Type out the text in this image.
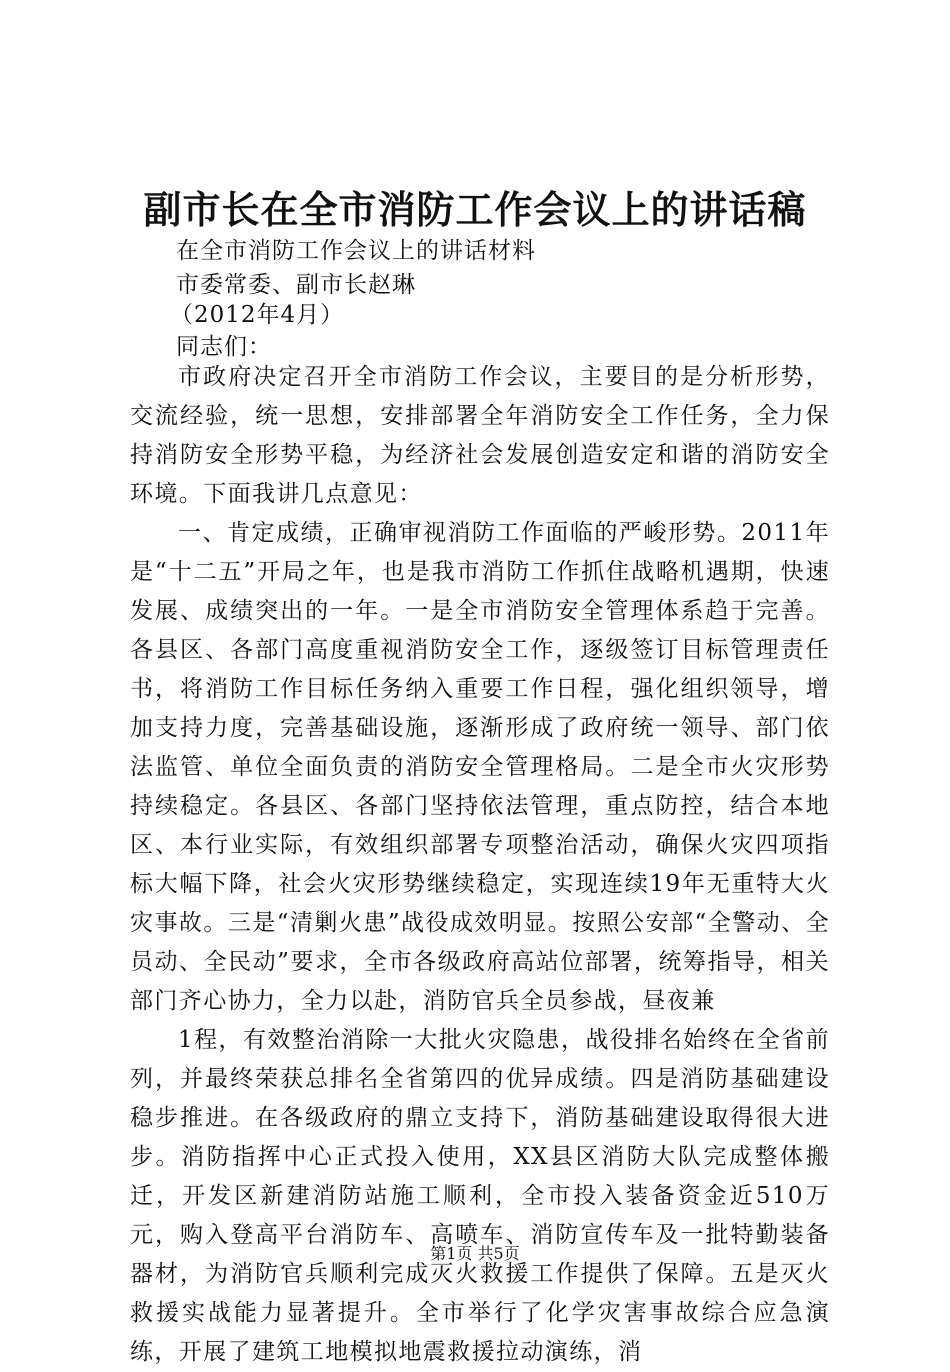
副市长在全市消防工作会议上的讲话稿
在全市消防工作会议上的讲话材料
市委常委、副市长赵琳
（2012年4月）
同志们：

市政府决定召开全市消防工作会议，主要目的是分析形势，交流经验，统一思想，安排部署全年消防安全工作任务，全力保持消防安全形势平稳，为经济社会发展创造安定和谐的消防安全环境。下面我讲几点意见：

一、肯定成绩，正确审视消防工作面临的严峻形势。2011年是“十二五”开局之年，也是我市消防工作抓住战略机遇期，快速发展、成绩突出的一年。一是全市消防安全管理体系趋于完善。各县区、各部门高度重视消防安全工作，逐级签订目标管理责任书，将消防工作目标任务纳入重要工作日程，强化组织领导，增加支持力度，完善基础设施，逐渐形成了政府统一领导、部门依法监管、单位全面负责的消防安全管理格局。二是全市火灾形势持续稳定。各县区、各部门坚持依法管理，重点防控，结合本地区、本行业实际，有效组织部署专项整治活动，确保火灾四项指标大幅下降，社会火灾形势继续稳定，实现连续19年无重特大火灾事故。三是“清剿火患”战役成效明显。按照公安部“全警动、全员动、全民动”要求，全市各级政府高站位部署，统筹指导，相关部门齐心协力，全力以赴，消防官兵全员参战，昼夜兼

1程，有效整治消除一大批火灾隐患，战役排名始终在全省前列，并最终荣获总排名全省第四的优异成绩。四是消防基础建设稳步推进。在各级政府的鼎立支持下，消防基础建设取得很大进步。消防指挥中心正式投入使用，XX县区消防大队完成整体搬迁，开发区新建消防站施工顺利，全市投入装备资金近510万元，购入登高平台消防车、高喷车、消防宣传车及一批特勤装备器材，为消防官兵顺利完成灭火救援工作提供了保障。五是灭火救援实战能力显著提升。全市举行了化学灾害事故综合应急演练，开展了建筑工地模拟地震救援拉动演练，消

第1页 共5页
